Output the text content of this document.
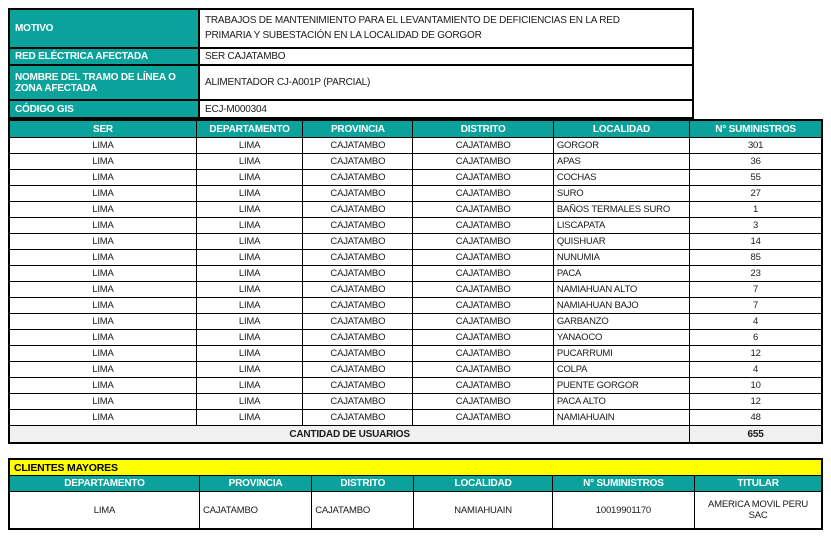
MOTIVO	TRABAJOS DE MANTENIMIENTO PARA EL LEVANTAMIENTO DE DEFICIENCIAS EN LA RED PRIMARIA Y SUBESTACIÓN EN LA LOCALIDAD DE GORGOR

RED ELÉCTRICA AFECTADA	SER CAJATAMBO
NOMBRE DEL TRAMO DE LÍNEA O ZONA AFECTADA	ALIMENTADOR CJ-A001P (PARCIAL)
CÓDIGO GIS	ECJ-M000304
SER	DEPARTAMENTO	PROVINCIA	DISTRITO	LOCALIDAD	N° SUMINISTROS
LIMA	LIMA	CAJATAMBO	CAJATAMBO	GORGOR	301
LIMA	LIMA	CAJATAMBO	CAJATAMBO	APAS	36
LIMA	LIMA	CAJATAMBO	CAJATAMBO	COCHAS	55
LIMA	LIMA	CAJATAMBO	CAJATAMBO	SURO	27
LIMA	LIMA	CAJATAMBO	CAJATAMBO	BAÑOS TERMALES SURO	1
LIMA	LIMA	CAJATAMBO	CAJATAMBO	LISCAPATA	3
LIMA	LIMA	CAJATAMBO	CAJATAMBO	QUISHUAR	14
LIMA	LIMA	CAJATAMBO	CAJATAMBO	NUNUMIA	85
LIMA	LIMA	CAJATAMBO	CAJATAMBO	PACA	23
LIMA	LIMA	CAJATAMBO	CAJATAMBO	NAMIAHUAN ALTO	7
LIMA	LIMA	CAJATAMBO	CAJATAMBO	NAMIAHUAN BAJO	7
LIMA	LIMA	CAJATAMBO	CAJATAMBO	GARBANZO	4
LIMA	LIMA	CAJATAMBO	CAJATAMBO	YANAOCO	6
LIMA	LIMA	CAJATAMBO	CAJATAMBO	PUCARRUMI	12
LIMA	LIMA	CAJATAMBO	CAJATAMBO	COLPA	4
LIMA	LIMA	CAJATAMBO	CAJATAMBO	PUENTE GORGOR	10
LIMA	LIMA	CAJATAMBO	CAJATAMBO	PACA ALTO	12
LIMA	LIMA	CAJATAMBO	CAJATAMBO	NAMIAHUAIN	48
CANTIDAD DE USUARIOS					655
CLIENTES MAYORES					
DEPARTAMENTO	PROVINCIA	DISTRITO	LOCALIDAD	N° SUMINISTROS	TITULAR
LIMA	CAJATAMBO	CAJATAMBO	NAMIAHUAIN	10019901170	AMERICA MOVIL PERU SAC
